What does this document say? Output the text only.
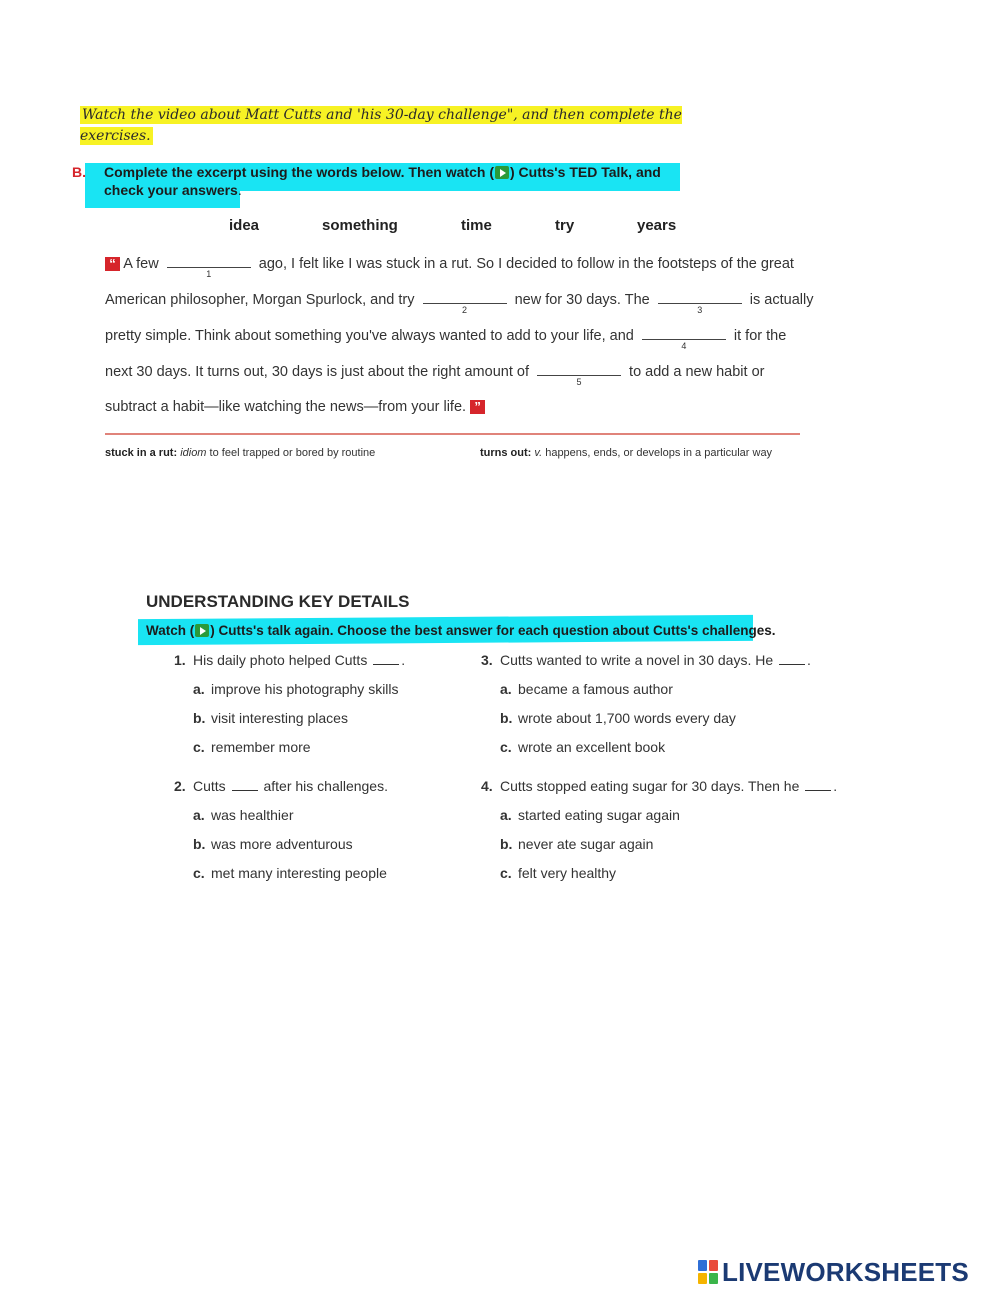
Watch the video about Matt Cutts and 'his 30-day challenge", and then complete the exercises.
B. Complete the excerpt using the words below. Then watch ( ) Cutts's TED Talk, and check your answers.
idea	something	time	try	years
“ A few
1
ago, I felt like I was stuck in a rut. So I decided to follow in the footsteps of the great
American philosopher, Morgan Spurlock, and try
2
new for 30 days. The
3
is actually
pretty simple. Think about something you've always wanted to add to your life, and
4
it for the
next 30 days. It turns out, 30 days is just about the right amount of
5
to add a new habit or
subtract a habit—like watching the news—from your life. ”
stuck in a rut: idiom to feel trapped or bored by routine	turns out: v. happens, ends, or develops in a particular way
UNDERSTANDING KEY DETAILS
Watch ( ) Cutts's talk again. Choose the best answer for each question about Cutts's challenges.
1. His daily photo helped Cutts .
a. improve his photography skills
b. visit interesting places
c. remember more
2. Cutts	after his challenges.
a. was healthier
b. was more adventurous
c. met many interesting people
3. Cutts wanted to write a novel in 30 days. He .
a. became a famous author
b. wrote about 1,700 words every day
c. wrote an excellent book
4. Cutts stopped eating sugar for 30 days. Then he .
a. started eating sugar again
b. never ate sugar again
c. felt very healthy
LIVEWORKSHEETS
